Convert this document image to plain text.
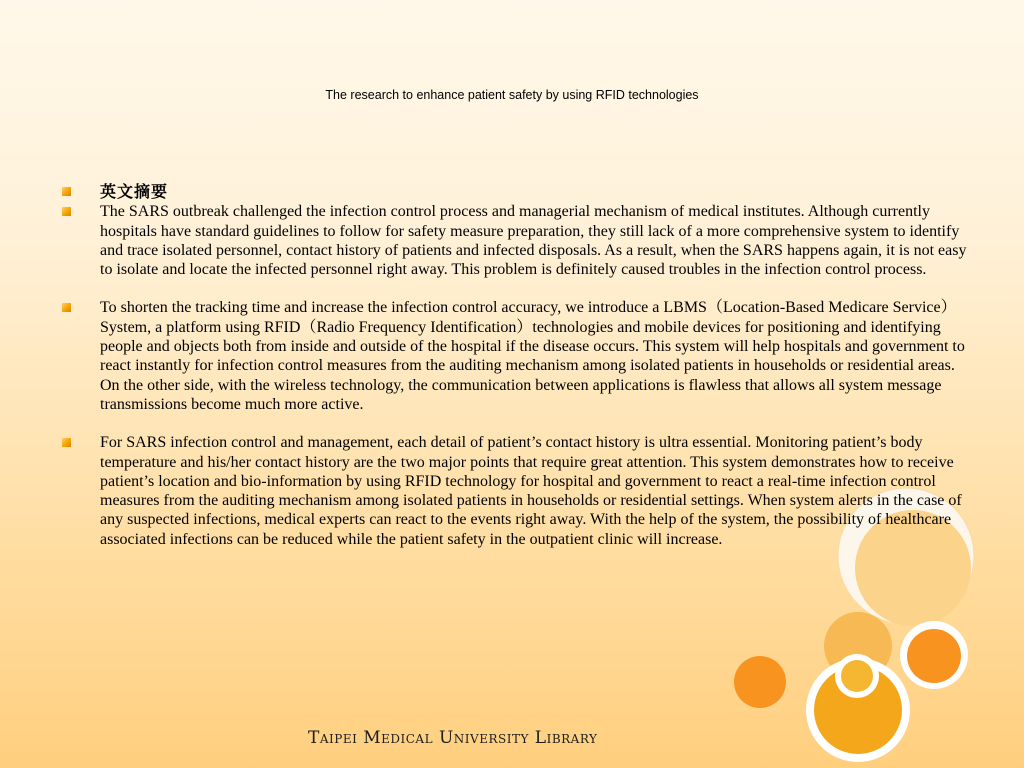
The research to enhance patient safety by using RFID technologies
英文摘要
The SARS outbreak challenged the infection control process and managerial mechanism of medical institutes. Although currently hospitals have standard guidelines to follow for safety measure preparation, they still lack of a more comprehensive system to identify and trace isolated personnel, contact history of patients and infected disposals. As a result, when the SARS happens again, it is not easy to isolate and locate the infected personnel right away. This problem is definitely caused troubles in the infection control process.
To shorten the tracking time and increase the infection control accuracy, we introduce a LBMS（Location-Based Medicare Service）System, a platform using RFID（Radio Frequency Identification）technologies and mobile devices for positioning and identifying people and objects both from inside and outside of the hospital if the disease occurs. This system will help hospitals and government to react instantly for infection control measures from the auditing mechanism among isolated patients in households or residential areas. On the other side, with the wireless technology, the communication between applications is flawless that allows all system message transmissions become much more active.
For SARS infection control and management, each detail of patient’s contact history is ultra essential. Monitoring patient’s body temperature and his/her contact history are the two major points that require great attention. This system demonstrates how to receive patient’s location and bio-information by using RFID technology for hospital and government to react a real-time infection control measures from the auditing mechanism among isolated patients in households or residential settings. When system alerts in the case of any suspected infections, medical experts can react to the events right away. With the help of the system, the possibility of healthcare associated infections can be reduced while the patient safety in the outpatient clinic will increase.
Taipei Medical University Library
